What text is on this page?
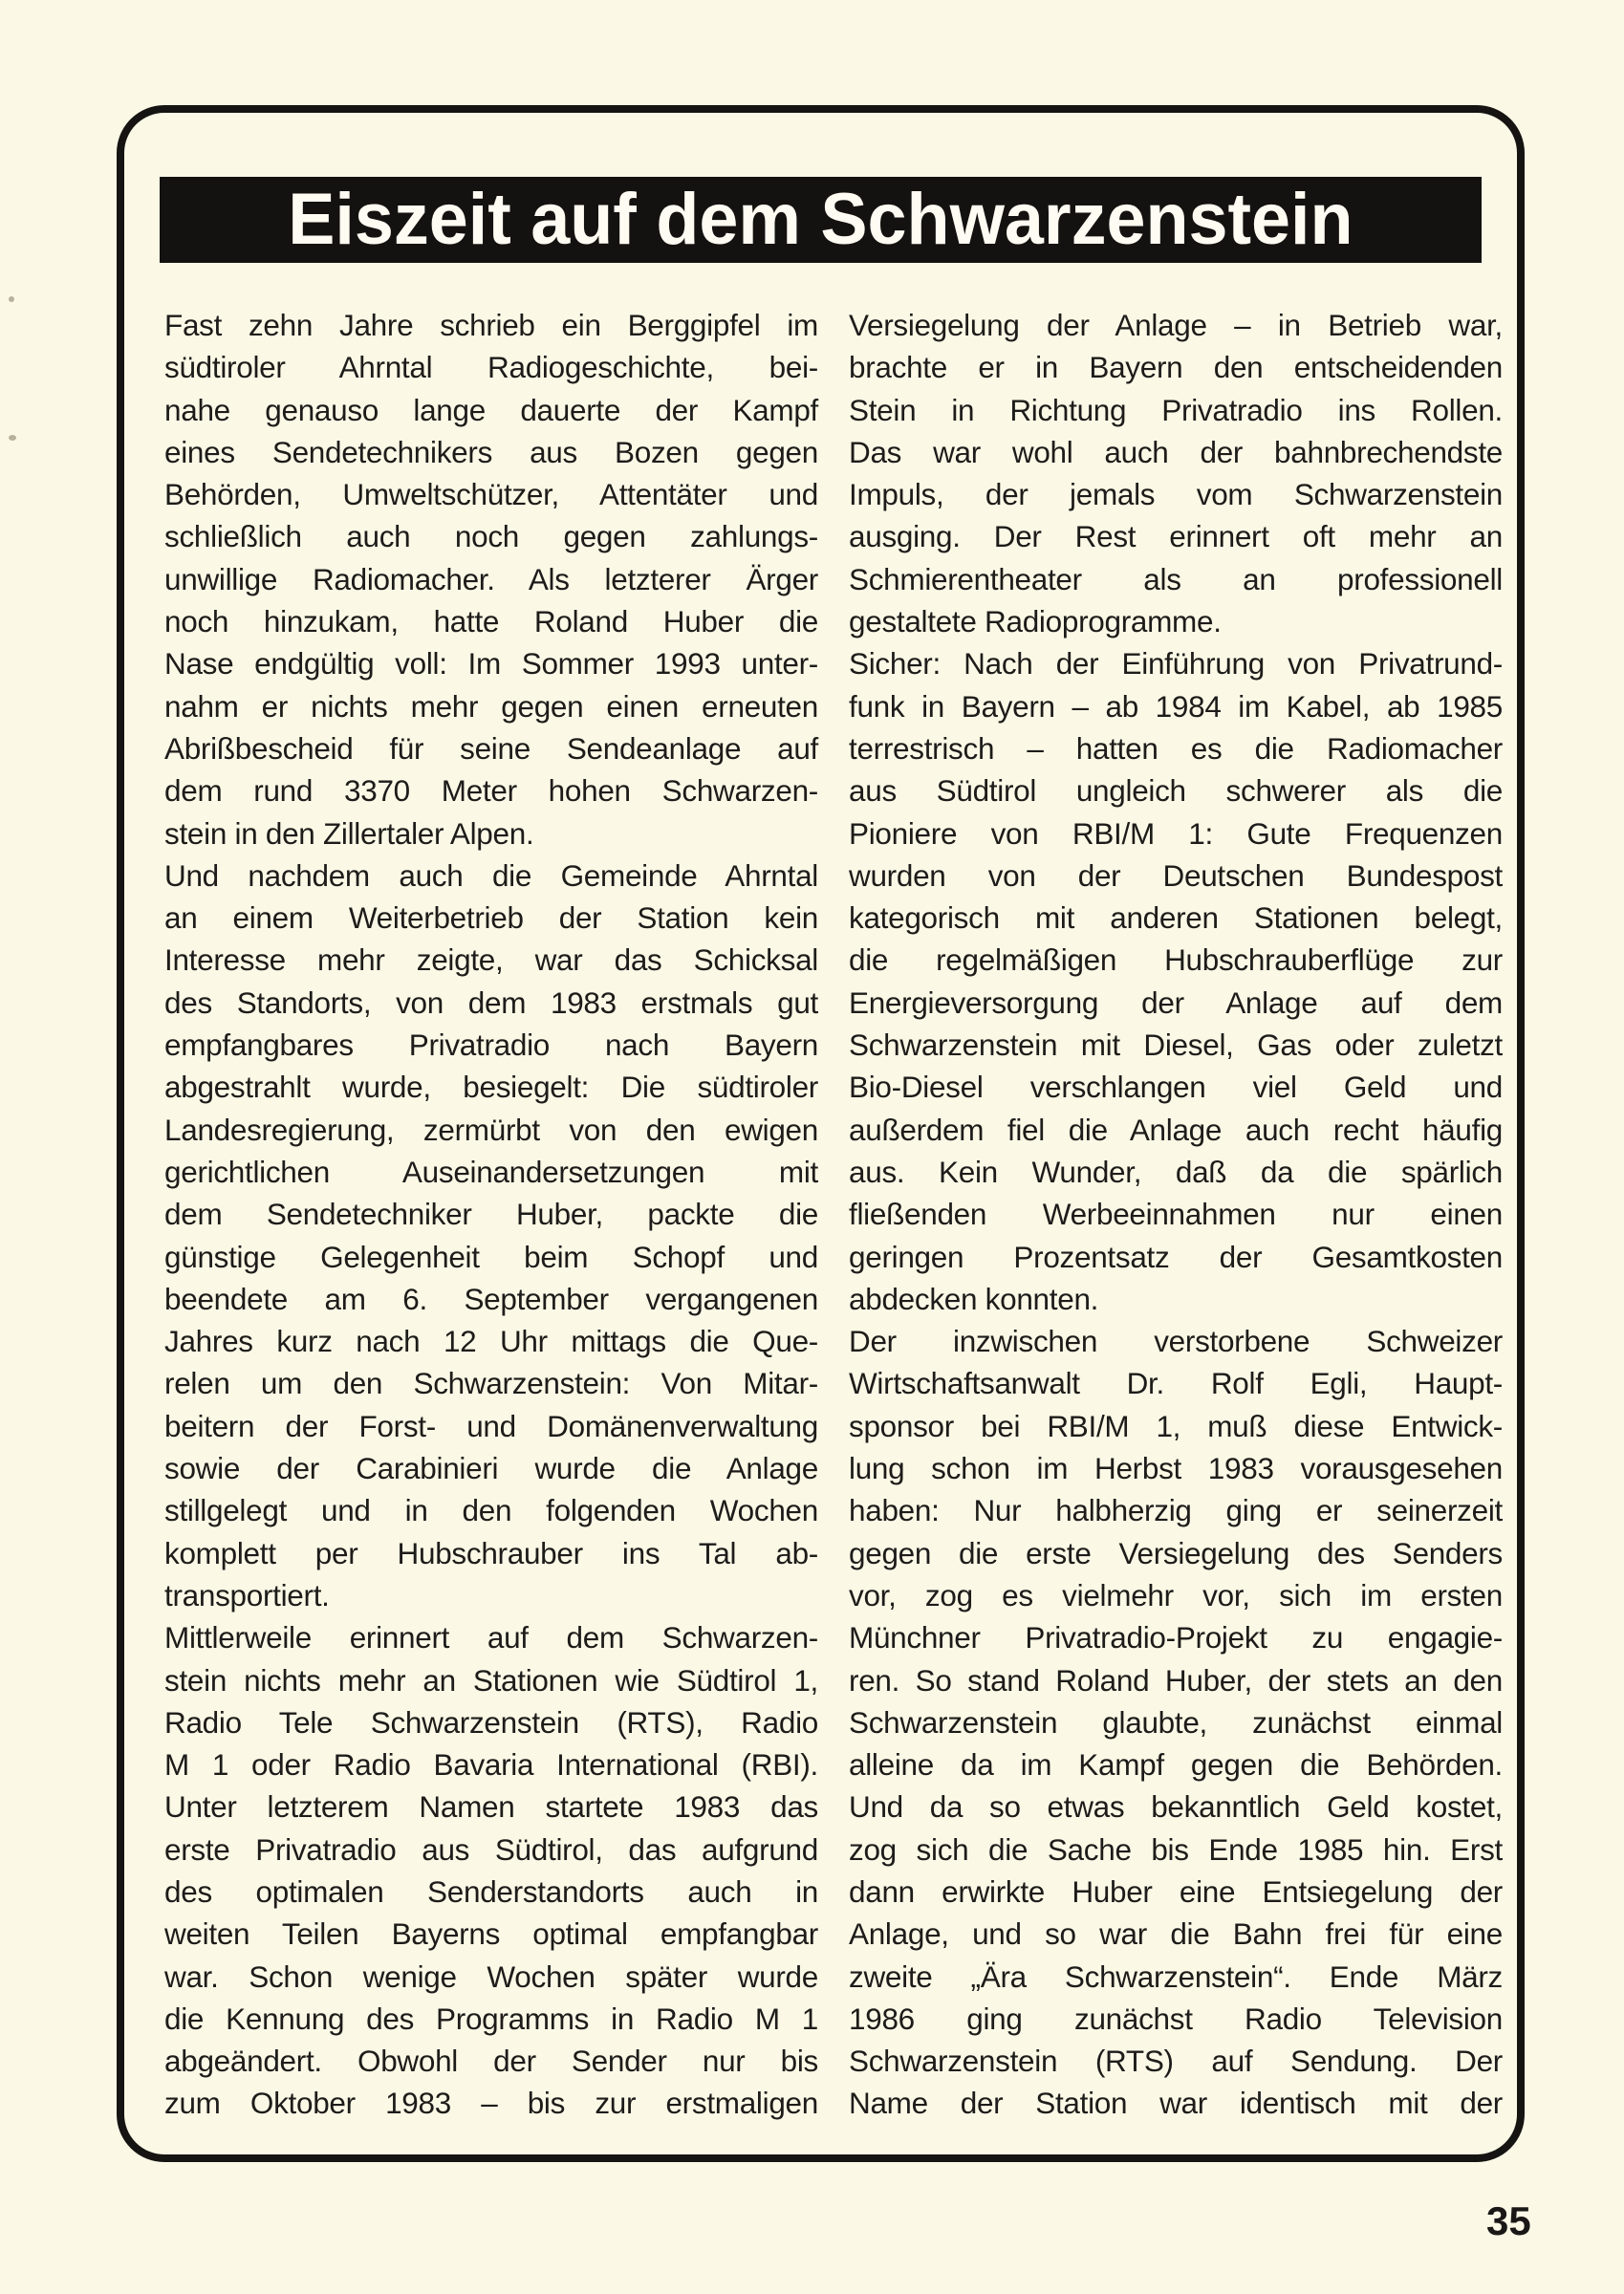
Eiszeit auf dem Schwarzenstein
Fast zehn Jahre schrieb ein Berggipfel im
südtiroler Ahrntal Radiogeschichte, bei-
nahe genauso lange dauerte der Kampf
eines Sendetechnikers aus Bozen gegen
Behörden, Umweltschützer, Attentäter und
schließlich auch noch gegen zahlungs-
unwillige Radiomacher. Als letzterer Ärger
noch hinzukam, hatte Roland Huber die
Nase endgültig voll: Im Sommer 1993 unter-
nahm er nichts mehr gegen einen erneuten
Abrißbescheid für seine Sendeanlage auf
dem rund 3370 Meter hohen Schwarzen-
stein in den Zillertaler Alpen.
Und nachdem auch die Gemeinde Ahrntal
an einem Weiterbetrieb der Station kein
Interesse mehr zeigte, war das Schicksal
des Standorts, von dem 1983 erstmals gut
empfangbares Privatradio nach Bayern
abgestrahlt wurde, besiegelt: Die südtiroler
Landesregierung, zermürbt von den ewigen
gerichtlichen Auseinandersetzungen mit
dem Sendetechniker Huber, packte die
günstige Gelegenheit beim Schopf und
beendete am 6. September vergangenen
Jahres kurz nach 12 Uhr mittags die Que-
relen um den Schwarzenstein: Von Mitar-
beitern der Forst- und Domänenverwaltung
sowie der Carabinieri wurde die Anlage
stillgelegt und in den folgenden Wochen
komplett per Hubschrauber ins Tal ab-
transportiert.
Mittlerweile erinnert auf dem Schwarzen-
stein nichts mehr an Stationen wie Südtirol 1,
Radio Tele Schwarzenstein (RTS), Radio
M 1 oder Radio Bavaria International (RBI).
Unter letzterem Namen startete 1983 das
erste Privatradio aus Südtirol, das aufgrund
des optimalen Senderstandorts auch in
weiten Teilen Bayerns optimal empfangbar
war. Schon wenige Wochen später wurde
die Kennung des Programms in Radio M 1
abgeändert. Obwohl der Sender nur bis
zum Oktober 1983 – bis zur erstmaligen
Versiegelung der Anlage – in Betrieb war,
brachte er in Bayern den entscheidenden
Stein in Richtung Privatradio ins Rollen.
Das war wohl auch der bahnbrechendste
Impuls, der jemals vom Schwarzenstein
ausging. Der Rest erinnert oft mehr an
Schmierentheater als an professionell
gestaltete Radioprogramme.
Sicher: Nach der Einführung von Privatrund-
funk in Bayern – ab 1984 im Kabel, ab 1985
terrestrisch – hatten es die Radiomacher
aus Südtirol ungleich schwerer als die
Pioniere von RBI/M 1: Gute Frequenzen
wurden von der Deutschen Bundespost
kategorisch mit anderen Stationen belegt,
die regelmäßigen Hubschrauberflüge zur
Energieversorgung der Anlage auf dem
Schwarzenstein mit Diesel, Gas oder zuletzt
Bio-Diesel verschlangen viel Geld und
außerdem fiel die Anlage auch recht häufig
aus. Kein Wunder, daß da die spärlich
fließenden Werbeeinnahmen nur einen
geringen Prozentsatz der Gesamtkosten
abdecken konnten.
Der inzwischen verstorbene Schweizer
Wirtschaftsanwalt Dr. Rolf Egli, Haupt-
sponsor bei RBI/M 1, muß diese Entwick-
lung schon im Herbst 1983 vorausgesehen
haben: Nur halbherzig ging er seinerzeit
gegen die erste Versiegelung des Senders
vor, zog es vielmehr vor, sich im ersten
Münchner Privatradio-Projekt zu engagie-
ren. So stand Roland Huber, der stets an den
Schwarzenstein glaubte, zunächst einmal
alleine da im Kampf gegen die Behörden.
Und da so etwas bekanntlich Geld kostet,
zog sich die Sache bis Ende 1985 hin. Erst
dann erwirkte Huber eine Entsiegelung der
Anlage, und so war die Bahn frei für eine
zweite „Ära Schwarzenstein“. Ende März
1986 ging zunächst Radio Television
Schwarzenstein (RTS) auf Sendung. Der
Name der Station war identisch mit der
35
